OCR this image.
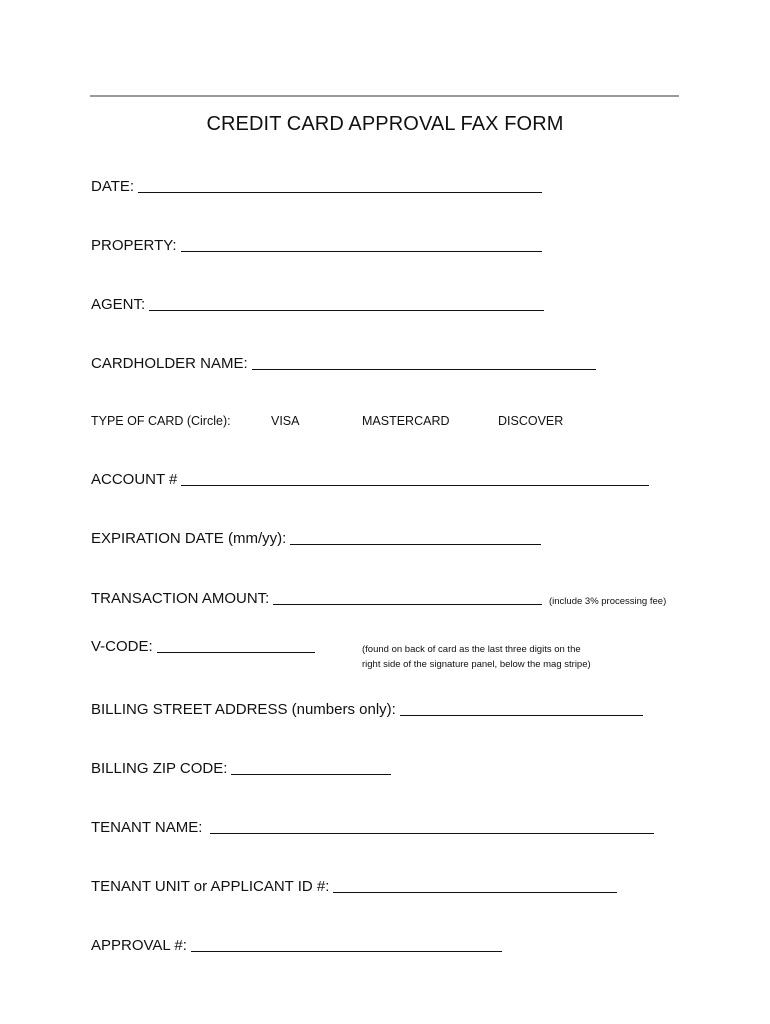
CREDIT CARD APPROVAL FAX FORM
DATE:
PROPERTY:
AGENT:
CARDHOLDER NAME:
TYPE OF CARD (Circle):	VISA	MASTERCARD	DISCOVER
ACCOUNT #
EXPIRATION DATE (mm/yy):
TRANSACTION AMOUNT:	(include 3% processing fee)
V-CODE:	(found on back of card as the last three digits on the
right side of the signature panel, below the mag stripe)
BILLING STREET ADDRESS (numbers only):
BILLING ZIP CODE:
TENANT NAME:
TENANT UNIT or APPLICANT ID #:
APPROVAL #:
